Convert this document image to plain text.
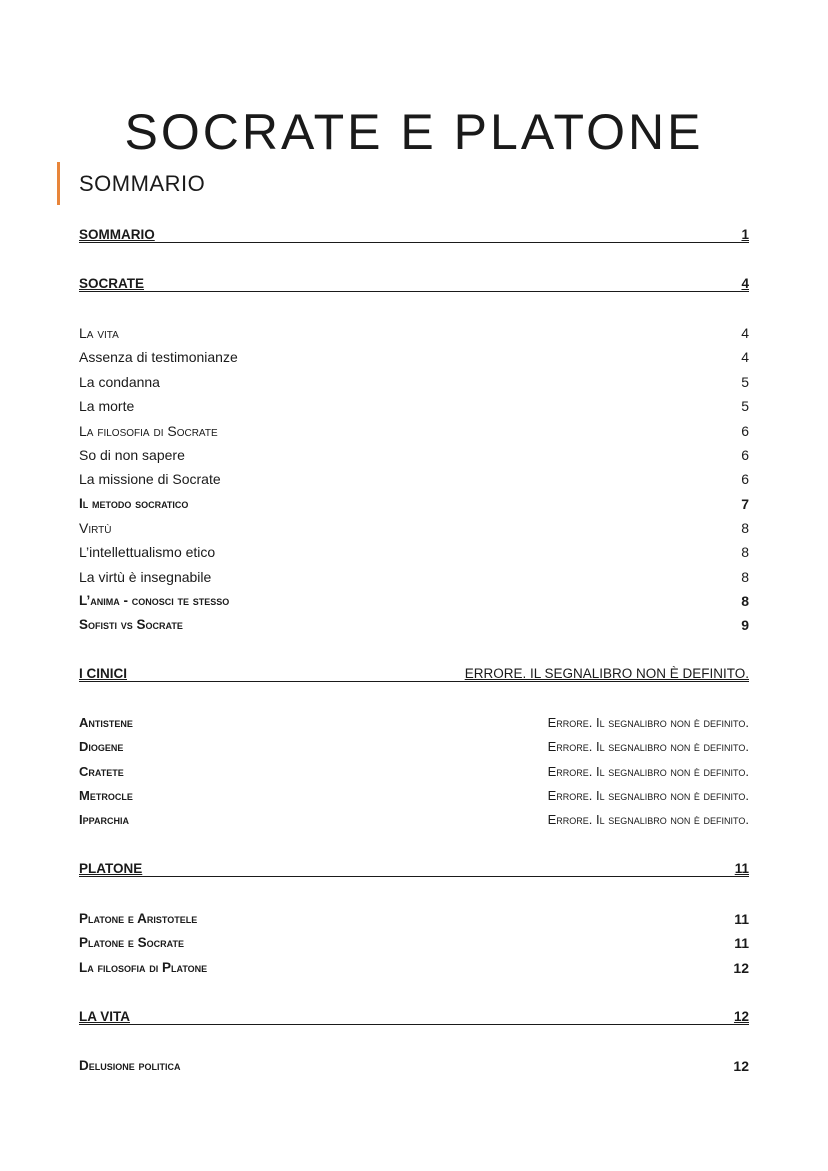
SOCRATE E PLATONE
SOMMARIO
SOMMARIO	1
SOCRATE	4
La vita	4
Assenza di testimonianze	4
La condanna	5
La morte	5
La filosofia di Socrate	6
So di non sapere	6
La missione di Socrate	6
Il metodo socratico	7
Virtù	8
L’intellettualismo etico	8
La virtù è insegnabile	8
L’anima - conosci te stesso	8
Sofisti vs Socrate	9
I CINICI	ERRORE. IL SEGNALIBRO NON È DEFINITO.
Antistene	Errore. Il segnalibro non è definito.
Diogene	Errore. Il segnalibro non è definito.
Cratete	Errore. Il segnalibro non è definito.
Metrocle	Errore. Il segnalibro non è definito.
Ipparchia	Errore. Il segnalibro non è definito.
PLATONE	11
Platone e Aristotele	11
Platone e Socrate	11
La filosofia di Platone	12
LA VITA	12
Delusione politica	12
